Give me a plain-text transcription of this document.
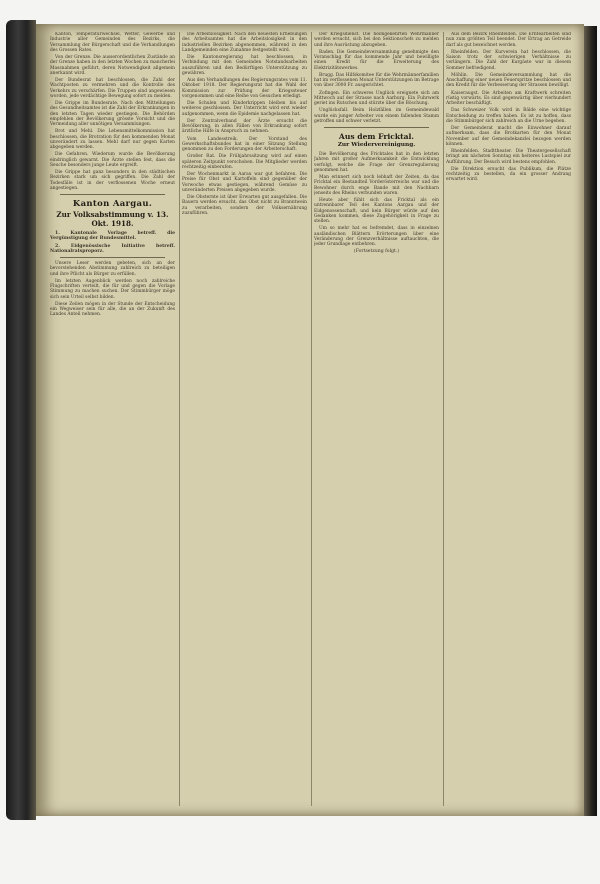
Kanton, Temperaturwechsel, Wetter, Gewerbe und Industrie aller Gemeinden des Bezirks, die Versammlung der Bürgerschaft und die Verhandlungen des Grossen Rates.

Von der Grenze. Die ausserordentlichen Zustände an der Grenze haben in den letzten Wochen zu mancherlei Massnahmen geführt, deren Notwendigkeit allgemein anerkannt wird.

Der Bundesrat hat beschlossen, die Zahl der Wachtposten zu vermehren und die Kontrolle des Verkehrs zu verschärfen. Die Truppen sind angewiesen worden, jede verdächtige Bewegung sofort zu melden.

Die Grippe im Bundesrate. Nach den Mitteilungen des Gesundheitsamtes ist die Zahl der Erkrankungen in den letzten Tagen wieder gestiegen. Die Behörden empfehlen der Bevölkerung grösste Vorsicht und die Vermeidung aller unnötigen Versammlungen.

Brot und Mehl. Die Lebensmittelkommission hat beschlossen, die Brotration für den kommenden Monat unverändert zu lassen. Mehl darf nur gegen Karten abgegeben werden.

Die Gefahren. Wiederum wurde die Bevölkerung eindringlich gewarnt. Die Ärzte stellen fest, dass die Seuche besonders junge Leute ergreift.

Die Grippe hat ganz besonders in den städtischen Bezirken stark um sich gegriffen. Die Zahl der Todesfälle ist in der verflossenen Woche erneut angestiegen.

Kanton Aargau.
Zur Volksabstimmung v. 13. Okt. 1918.

1. Kantonale Vorlage betreff. die Vergünstigung der Bundesmittel.

2. Eidgenössische Initiative betreff. Nationalratsproporz.

Unsere Leser werden gebeten, sich an der bevorstehenden Abstimmung zahlreich zu beteiligen und ihre Pflicht als Bürger zu erfüllen.

Im letzten Augenblick werden noch zahlreiche Flugschriften verteilt, die für und gegen die Vorlage Stimmung zu machen suchen. Der Stimmbürger möge sich sein Urteil selbst bilden.

Diese Zeilen mögen in der Stunde der Entscheidung ein Wegweiser sein für alle, die an der Zukunft des Landes Anteil nehmen.

Die Arbeitslosigkeit. Nach den neuesten Erhebungen des Arbeitsamtes hat die Arbeitslosigkeit in den industriellen Bezirken abgenommen, während in den Landgemeinden eine Zunahme festgestellt wird.

Die Kantonsregierung hat beschlossen, in Verbindung mit den Gemeinden Notstandsarbeiten auszuführen und den Bedürftigen Unterstützung zu gewähren.

Aus den Verhandlungen des Regierungsrates vom 11. Oktober 1918. Der Regierungsrat hat die Wahl der Kommission zur Prüfung der Kriegssteuer vorgenommen und eine Reihe von Gesuchen erledigt.

Die Schulen und Kinderkrippen bleiben bis auf weiteres geschlossen. Der Unterricht wird erst wieder aufgenommen, wenn die Epidemie nachgelassen hat.

Der Zentralverband der Ärzte ersucht die Bevölkerung, in allen Fällen von Erkrankung sofort ärztliche Hilfe in Anspruch zu nehmen.

Vom Landesstreik. Der Vorstand des Gewerkschaftsbundes hat in einer Sitzung Stellung genommen zu den Forderungen der Arbeiterschaft.

Großer Rat. Die Frühjahrssitzung wird auf einen späteren Zeitpunkt verschoben. Die Mitglieder werden rechtzeitig einberufen.

Der Wochenmarkt in Aarau war gut befahren. Die Preise für Obst und Kartoffeln sind gegenüber der Vorwoche etwas gestiegen, während Gemüse zu unveränderten Preisen abgegeben wurde.

Die Obsternte ist über Erwarten gut ausgefallen. Die Bauern werden ersucht, das Obst nicht zu Branntwein zu verarbeiten, sondern der Volksernährung zuzuführen.

Der Kriegsdienst. Die heimgekehrten Wehrmänner werden ersucht, sich bei den Sektionschefs zu melden und ihre Ausrüstung abzugeben.

Baden. Die Gemeindeversammlung genehmigte den Voranschlag für das kommende Jahr und bewilligte einen Kredit für die Erweiterung des Elektrizitätswerkes.

Brugg. Das Hilfskomitee für die Wehrmännerfamilien hat im verflossenen Monat Unterstützungen im Betrage von über 3000 Fr. ausgerichtet.

Zofingen. Ein schweres Unglück ereignete sich am Mittwoch auf der Strasse nach Aarburg. Ein Fuhrwerk geriet ins Rutschen und stürzte über die Böschung.

Unglücksfall. Beim Holzfällen im Gemeindewald wurde ein junger Arbeiter von einem fallenden Stamm getroffen und schwer verletzt.

Aus dem Fricktal.
Zur Wiedervereinigung.

Die Bevölkerung des Fricktales hat in den letzten Jahren mit großer Aufmerksamkeit die Entwicklung verfolgt, welche die Frage der Grenzregulierung genommen hat.

Man erinnert sich noch lebhaft der Zeiten, da das Fricktal ein Bestandteil Vorderösterreichs war und die Bewohner durch enge Bande mit den Nachbarn jenseits des Rheins verbunden waren.

Heute aber fühlt sich das Fricktal als ein untrennbarer Teil des Kantons Aargau und der Eidgenossenschaft, und kein Bürger würde auf den Gedanken kommen, diese Zugehörigkeit in Frage zu stellen.

Um so mehr hat es befremdet, dass in einzelnen ausländischen Blättern Erörterungen über eine Veränderung der Grenzverhältnisse auftauchten, die jeder Grundlage entbehren.

(Fortsetzung folgt.)

Aus dem Bezirk Rheinfelden. Die Erntearbeiten sind nun zum größten Teil beendet. Der Ertrag an Getreide darf als gut bezeichnet werden.

Rheinfelden. Der Kurverein hat beschlossen, die Saison trotz der schwierigen Verhältnisse zu verlängern. Die Zahl der Kurgäste war in diesem Sommer befriedigend.

Möhlin. Die Gemeindeversammlung hat die Anschaffung einer neuen Feuerspritze beschlossen und den Kredit für die Verbesserung der Strassen bewilligt.

Kaiseraugst. Die Arbeiten am Kraftwerk schreiten rüstig vorwärts. Es sind gegenwärtig über vierhundert Arbeiter beschäftigt.

Das Schweizer Volk wird in Bälde eine wichtige Entscheidung zu treffen haben. Es ist zu hoffen, dass die Stimmbürger sich zahlreich an die Urne begeben.

Der Gemeinderat macht die Einwohner darauf aufmerksam, dass die Brotkarten für den Monat November auf der Gemeindekanzlei bezogen werden können.

Rheinfelden. Stadttheater. Die Theatergesellschaft bringt am nächsten Sonntag ein heiteres Lustspiel zur Aufführung. Der Besuch wird bestens empfohlen.

Die Direktion ersucht das Publikum, die Plätze rechtzeitig zu bestellen, da ein grosser Andrang erwartet wird.
